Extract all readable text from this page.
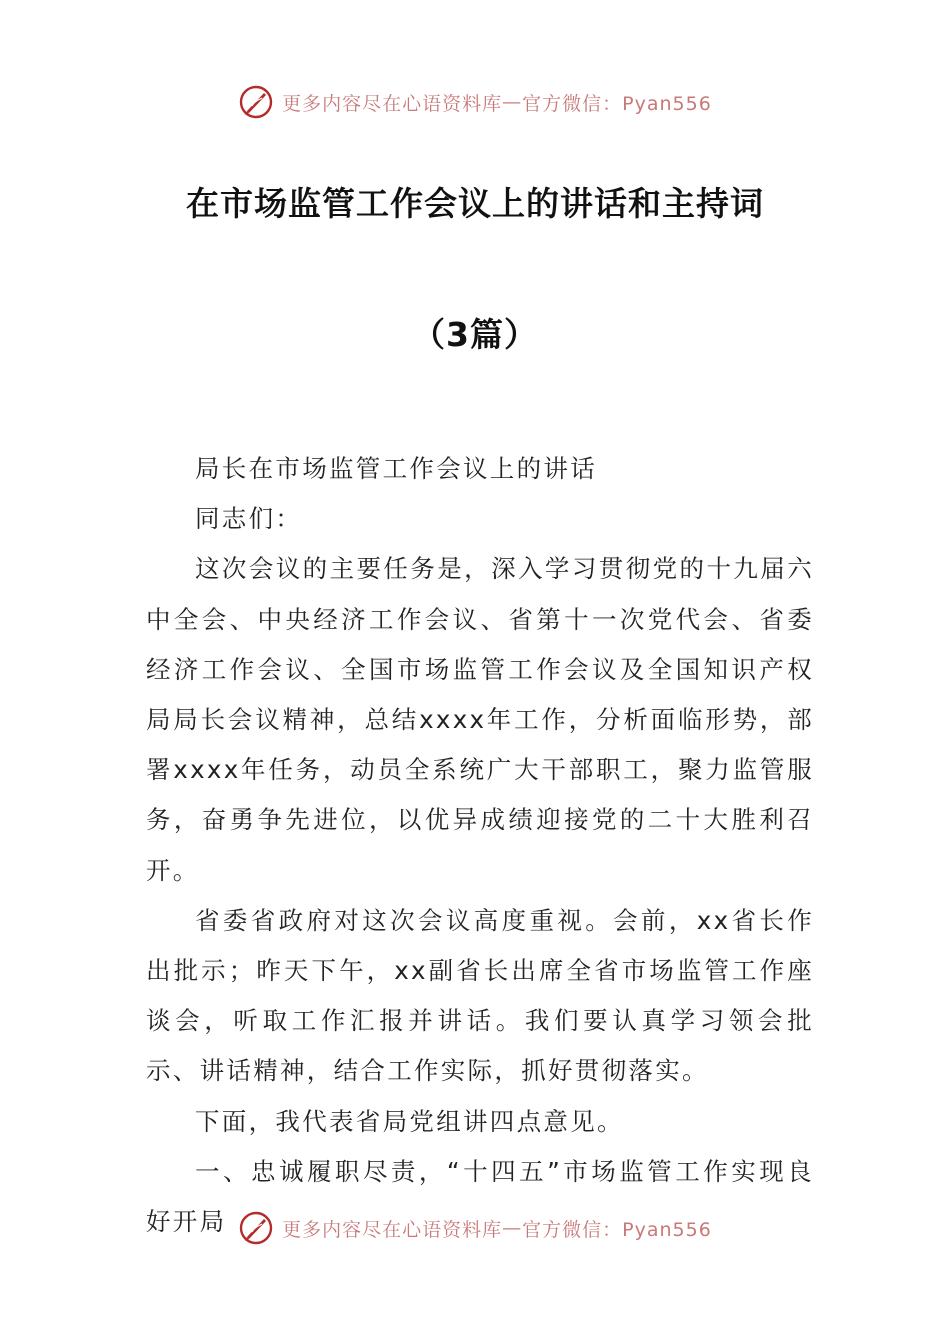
更多内容尽在心语资料库 — 官方微信：Pyan556
在市场监管工作会议上的讲话和主持词
（3篇）

局长在市场监管工作会议上的讲话

同志们：

这次会议的主要任务是，深入学习贯彻党的十九届六中全会、中央经济工作会议、省第十一次党代会、省委经济工作会议、全国市场监管工作会议及全国知识产权局局长会议精神，总结xxxx年工作，分析面临形势，部署xxxx年任务，动员全系统广大干部职工，聚力监管服务，奋勇争先进位，以优异成绩迎接党的二十大胜利召开。

省委省政府对这次会议高度重视。会前，xx省长作出批示；昨天下午，xx副省长出席全省市场监管工作座谈会，听取工作汇报并讲话。我们要认真学习领会批示、讲话精神，结合工作实际，抓好贯彻落实。

下面，我代表省局党组讲四点意见。

一、忠诚履职尽责，“十四五”市场监管工作实现良好开局	更多内容尽在心语资料库 — 官方微信：Pyan556
